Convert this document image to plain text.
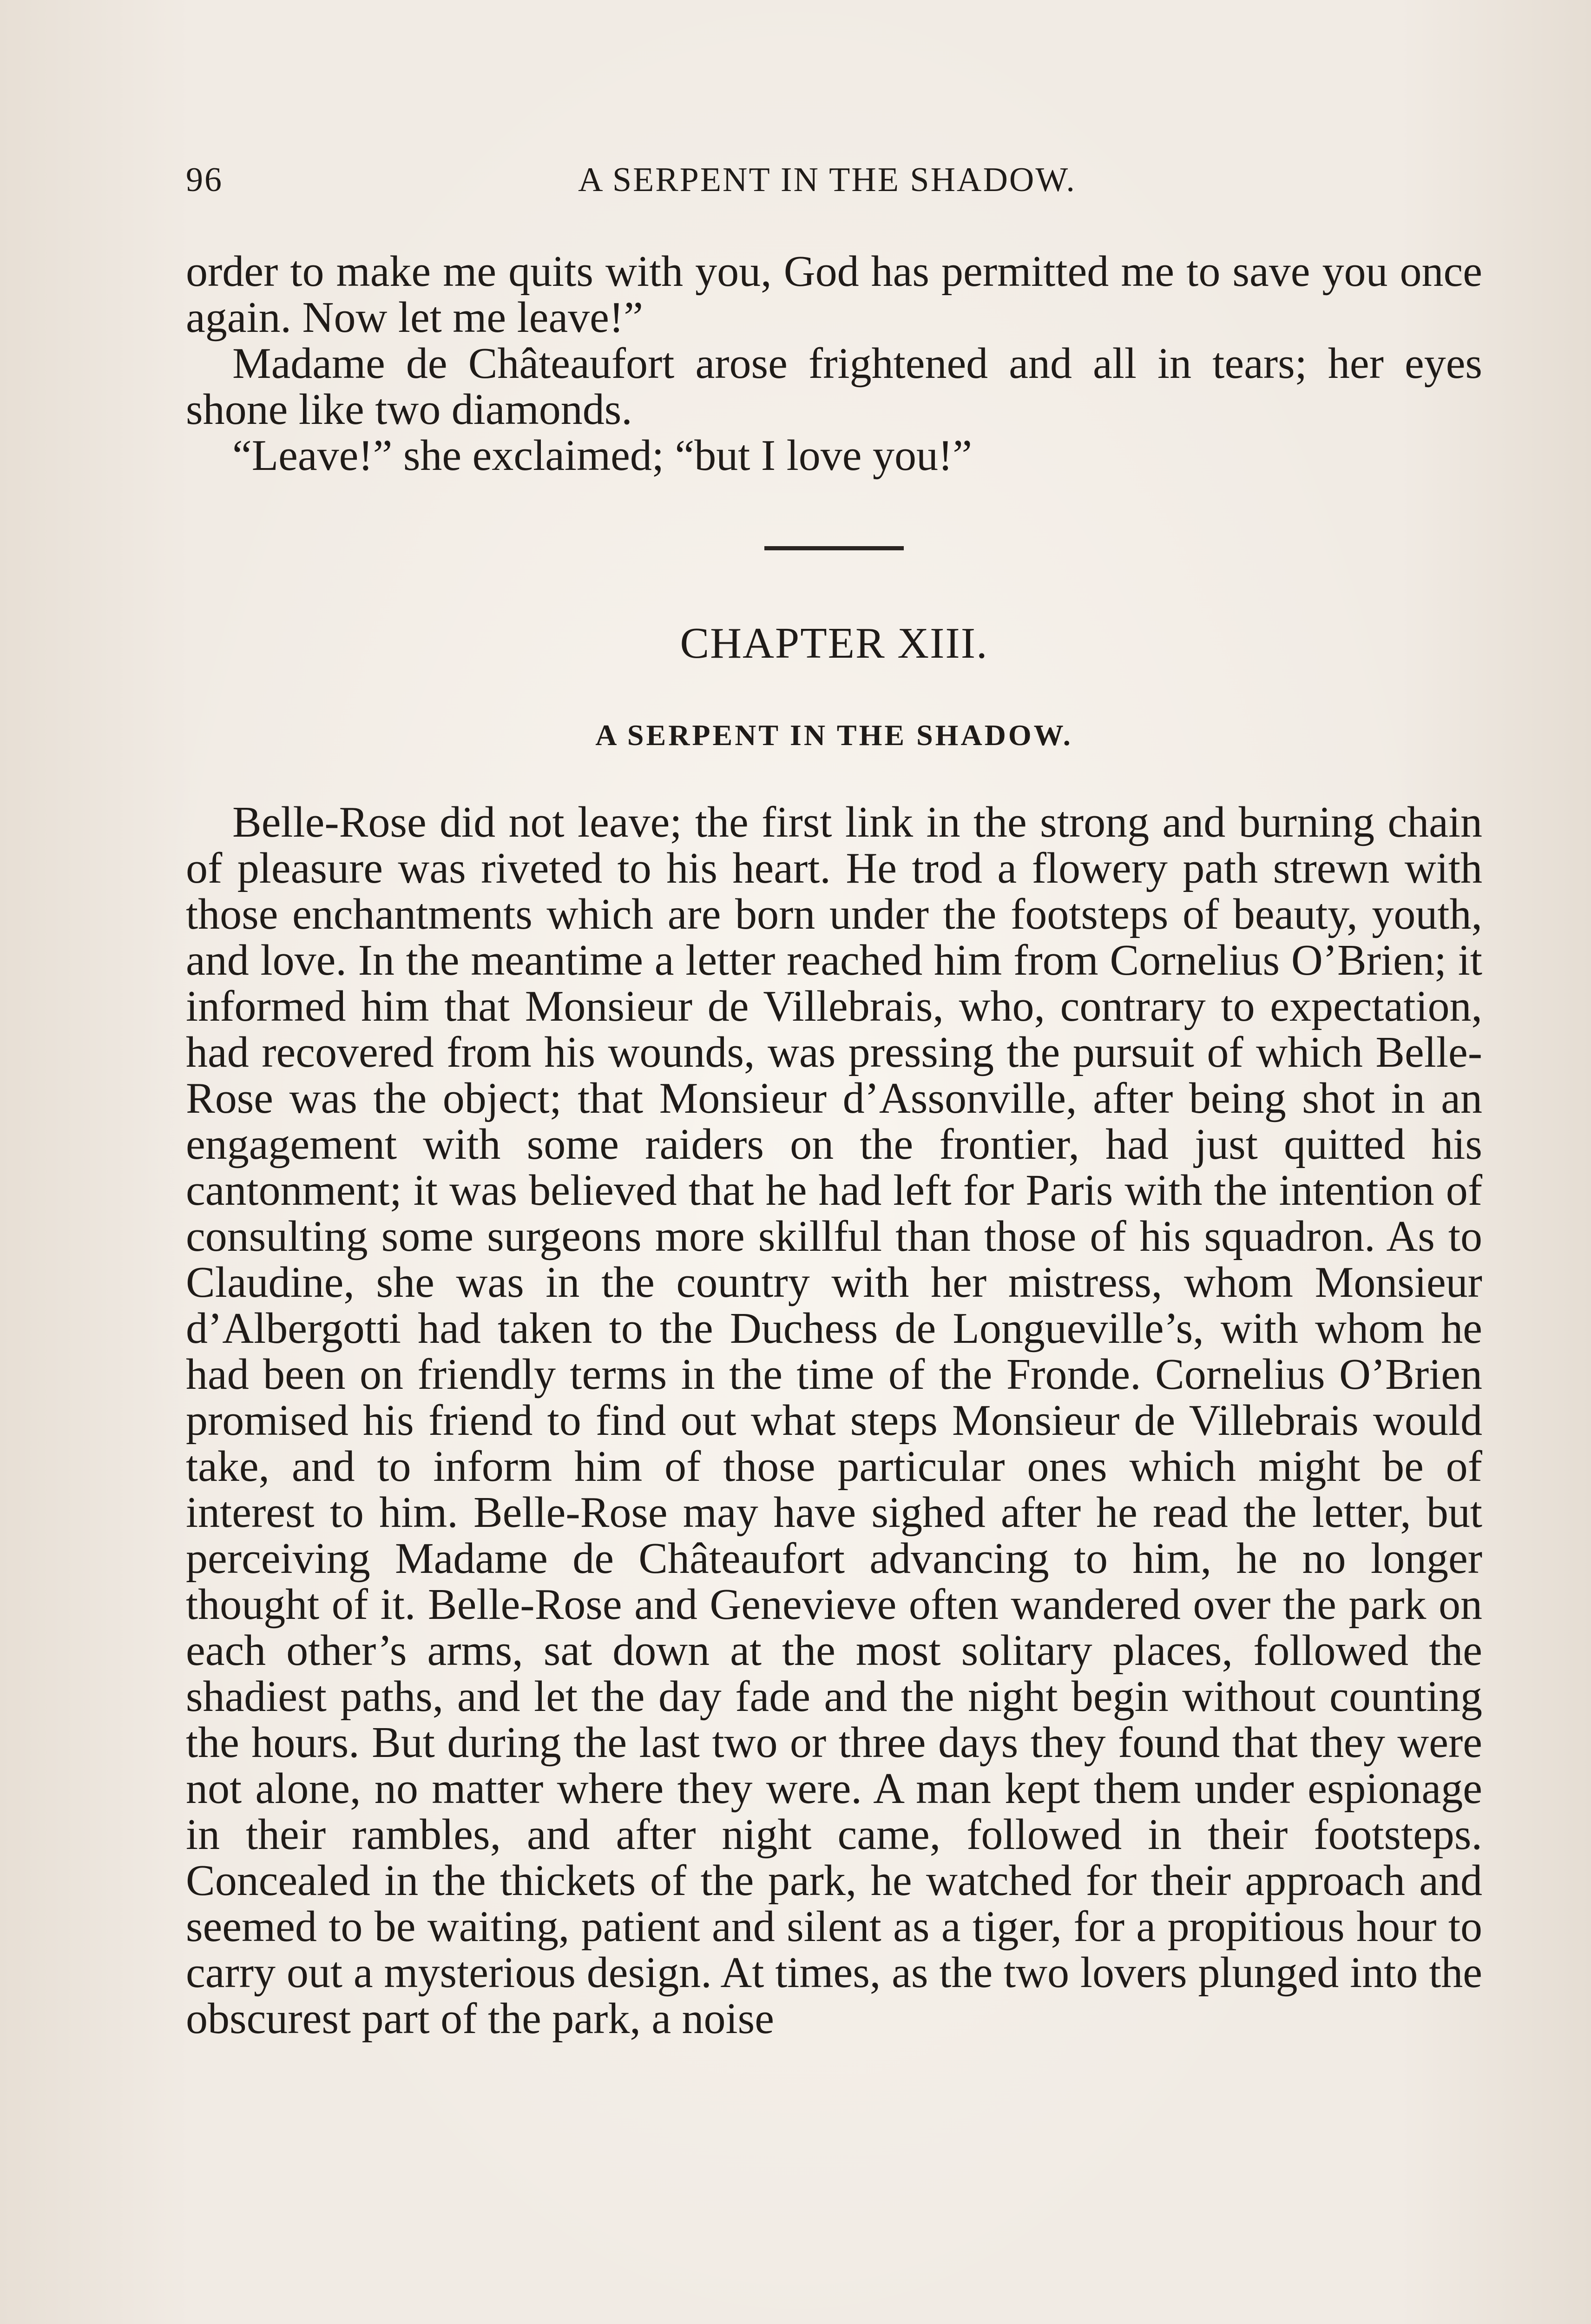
96	A SERPENT IN THE SHADOW.

order to make me quits with you, God has permitted me to save you once again. Now let me leave!”

Madame de Châteaufort arose frightened and all in tears; her eyes shone like two diamonds.

“Leave!” she exclaimed; “but I love you!”

CHAPTER XIII.
A SERPENT IN THE SHADOW.

Belle-Rose did not leave; the first link in the strong and burning chain of pleasure was riveted to his heart. He trod a flowery path strewn with those enchantments which are born under the footsteps of beauty, youth, and love. In the meantime a letter reached him from Cornelius O’Brien; it informed him that Monsieur de Villebrais, who, contrary to expectation, had recovered from his wounds, was pressing the pursuit of which Belle-Rose was the object; that Monsieur d’Assonville, after being shot in an engagement with some raiders on the frontier, had just quitted his cantonment; it was believed that he had left for Paris with the intention of consulting some surgeons more skillful than those of his squadron. As to Claudine, she was in the country with her mistress, whom Monsieur d’Albergotti had taken to the Duchess de Longueville’s, with whom he had been on friendly terms in the time of the Fronde. Cornelius O’Brien promised his friend to find out what steps Monsieur de Villebrais would take, and to inform him of those particular ones which might be of interest to him. Belle-Rose may have sighed after he read the letter, but perceiving Madame de Châteaufort advancing to him, he no longer thought of it. Belle-Rose and Genevieve often wandered over the park on each other’s arms, sat down at the most solitary places, followed the shadiest paths, and let the day fade and the night begin without counting the hours. But during the last two or three days they found that they were not alone, no matter where they were. A man kept them under espionage in their rambles, and after night came, followed in their footsteps. Concealed in the thickets of the park, he watched for their approach and seemed to be waiting, patient and silent as a tiger, for a propitious hour to carry out a mysterious design. At times, as the two lovers plunged into the obscurest part of the park, a noise
